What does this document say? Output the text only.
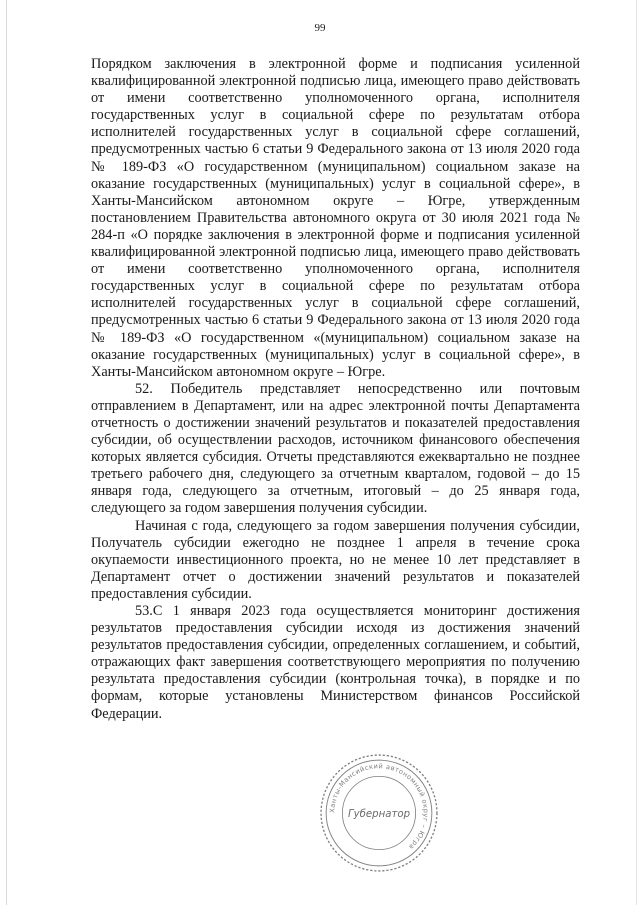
99

Порядком заключения в электронной форме и подписания усиленной квалифицированной электронной подписью лица, имеющего право действовать от имени соответственно уполномоченного органа, исполнителя государственных услуг в социальной сфере по результатам отбора исполнителей государственных услуг в социальной сфере соглашений, предусмотренных частью 6 статьи 9 Федерального закона от 13 июля 2020 года № 189-ФЗ «О государственном (муниципальном) социальном заказе на оказание государственных (муниципальных) услуг в социальной сфере», в Ханты-Мансийском автономном округе – Югре, утвержденным постановлением Правительства автономного округа от 30 июля 2021 года № 284-п «О порядке заключения в электронной форме и подписания усиленной квалифицированной электронной подписью лица, имеющего право действовать от имени соответственно уполномоченного органа, исполнителя государственных услуг в социальной сфере по результатам отбора исполнителей государственных услуг в социальной сфере соглашений, предусмотренных частью 6 статьи 9 Федерального закона от 13 июля 2020 года № 189-ФЗ «О государственном «(муниципальном) социальном заказе на оказание государственных (муниципальных) услуг в социальной сфере», в Ханты-Мансийском автономном округе – Югре.

52. Победитель представляет непосредственно или почтовым отправлением в Департамент, или на адрес электронной почты Департамента отчетность о достижении значений результатов и показателей предоставления субсидии, об осуществлении расходов, источником финансового обеспечения которых является субсидия. Отчеты представляются ежеквартально не позднее третьего рабочего дня, следующего за отчетным кварталом, годовой – до 15 января года, следующего за отчетным, итоговый – до 25 января года, следующего за годом завершения получения субсидии.

Начиная с года, следующего за годом завершения получения субсидии, Получатель субсидии ежегодно не позднее 1 апреля в течение срока окупаемости инвестиционного проекта, но не менее 10 лет представляет в Департамент отчет о достижении значений результатов и показателей предоставления субсидии.

53.С 1 января 2023 года осуществляется мониторинг достижения результатов предоставления субсидии исходя из достижения значений результатов предоставления субсидии, определенных соглашением, и событий, отражающих факт завершения соответствующего мероприятия по получению результата предоставления субсидии (контрольная точка), в порядке и по формам, которые установлены Министерством финансов Российской Федерации.

Ханты-Мансийский автономный округ – Югра
Губернатор
